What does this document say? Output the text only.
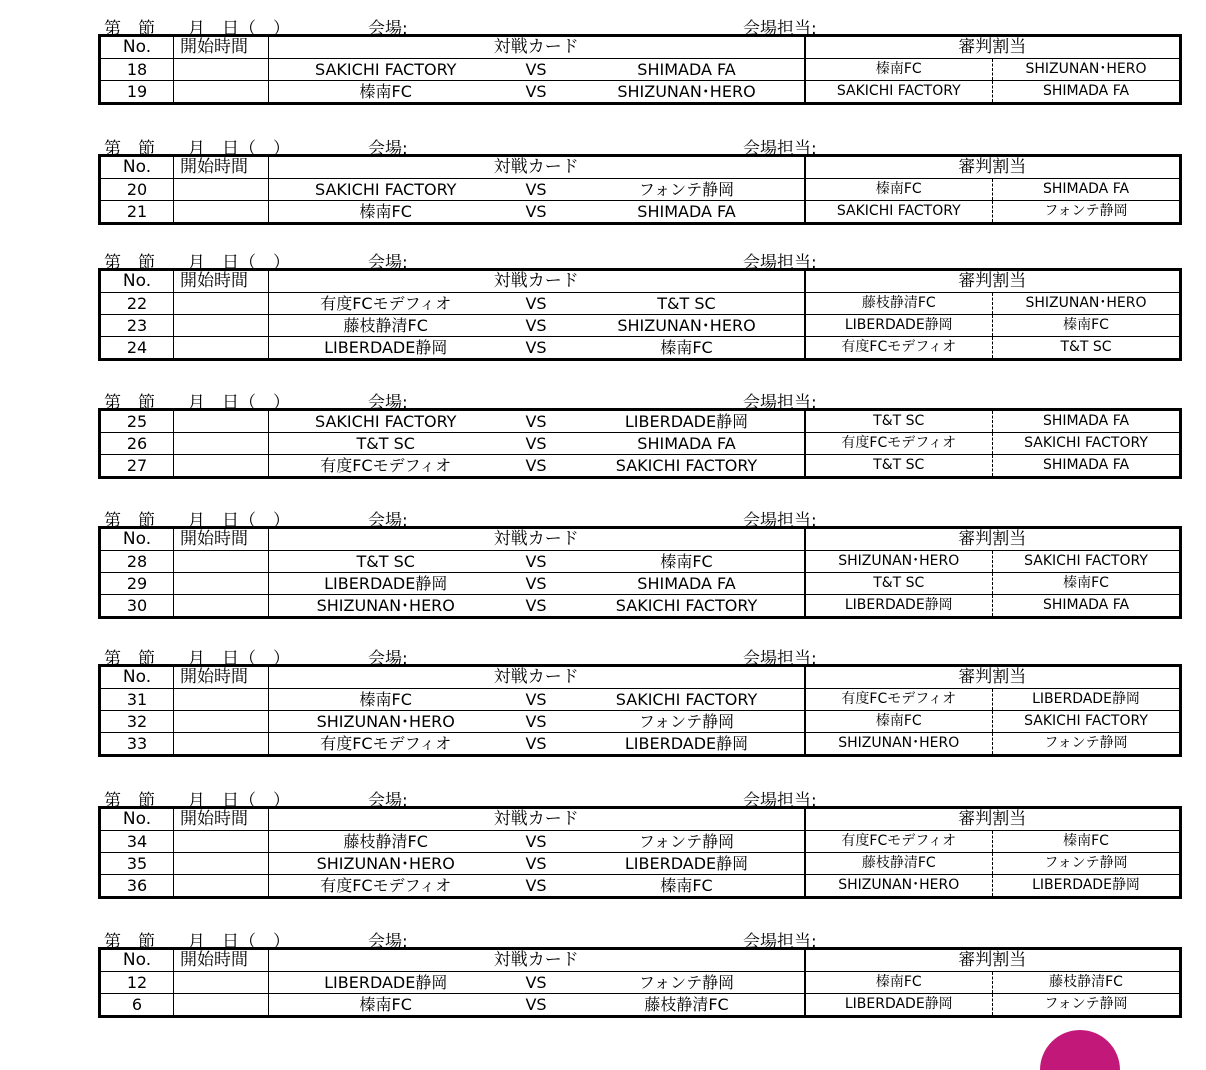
第　節 月　日（　）	会場:	会場担当:
No.	開始時間	対戦カード			審判割当	
18		SAKICHI FACTORY	VS	SHIMADA FA	榛南FC	SHIZUNAN･HERO
19		榛南FC	VS	SHIZUNAN･HERO	SAKICHI FACTORY	SHIMADA FA
第　節 月　日（　）	会場:	会場担当:
No.	開始時間	対戦カード			審判割当	
20		SAKICHI FACTORY	VS	フォンテ静岡	榛南FC	SHIMADA FA
21		榛南FC	VS	SHIMADA FA	SAKICHI FACTORY	フォンテ静岡
第　節 月　日（　）	会場:	会場担当:
No.	開始時間	対戦カード			審判割当	
22		有度FCモデフィオ	VS	T&T SC	藤枝静清FC	SHIZUNAN･HERO
23		藤枝静清FC	VS	SHIZUNAN･HERO	LIBERDADE静岡	榛南FC
24		LIBERDADE静岡	VS	榛南FC	有度FCモデフィオ	T&T SC
第　節 月　日（　）	会場:	会場担当:
25		SAKICHI FACTORY	VS	LIBERDADE静岡	T&T SC	SHIMADA FA
26		T&T SC	VS	SHIMADA FA	有度FCモデフィオ	SAKICHI FACTORY
27		有度FCモデフィオ	VS	SAKICHI FACTORY	T&T SC	SHIMADA FA
第　節 月　日（　）	会場:	会場担当:
No.	開始時間	対戦カード			審判割当	
28		T&T SC	VS	榛南FC	SHIZUNAN･HERO	SAKICHI FACTORY
29		LIBERDADE静岡	VS	SHIMADA FA	T&T SC	榛南FC
30		SHIZUNAN･HERO	VS	SAKICHI FACTORY	LIBERDADE静岡	SHIMADA FA
第　節 月　日（　）	会場:	会場担当:
No.	開始時間	対戦カード			審判割当	
31		榛南FC	VS	SAKICHI FACTORY	有度FCモデフィオ	LIBERDADE静岡
32		SHIZUNAN･HERO	VS	フォンテ静岡	榛南FC	SAKICHI FACTORY
33		有度FCモデフィオ	VS	LIBERDADE静岡	SHIZUNAN･HERO	フォンテ静岡
第　節 月　日（　）	会場:	会場担当:
No.	開始時間	対戦カード			審判割当	
34		藤枝静清FC	VS	フォンテ静岡	有度FCモデフィオ	榛南FC
35		SHIZUNAN･HERO	VS	LIBERDADE静岡	藤枝静清FC	フォンテ静岡
36		有度FCモデフィオ	VS	榛南FC	SHIZUNAN･HERO	LIBERDADE静岡
第　節 月　日（　）	会場:	会場担当:
No.	開始時間	対戦カード			審判割当	
12		LIBERDADE静岡	VS	フォンテ静岡	榛南FC	藤枝静清FC
6		榛南FC	VS	藤枝静清FC	LIBERDADE静岡	フォンテ静岡
